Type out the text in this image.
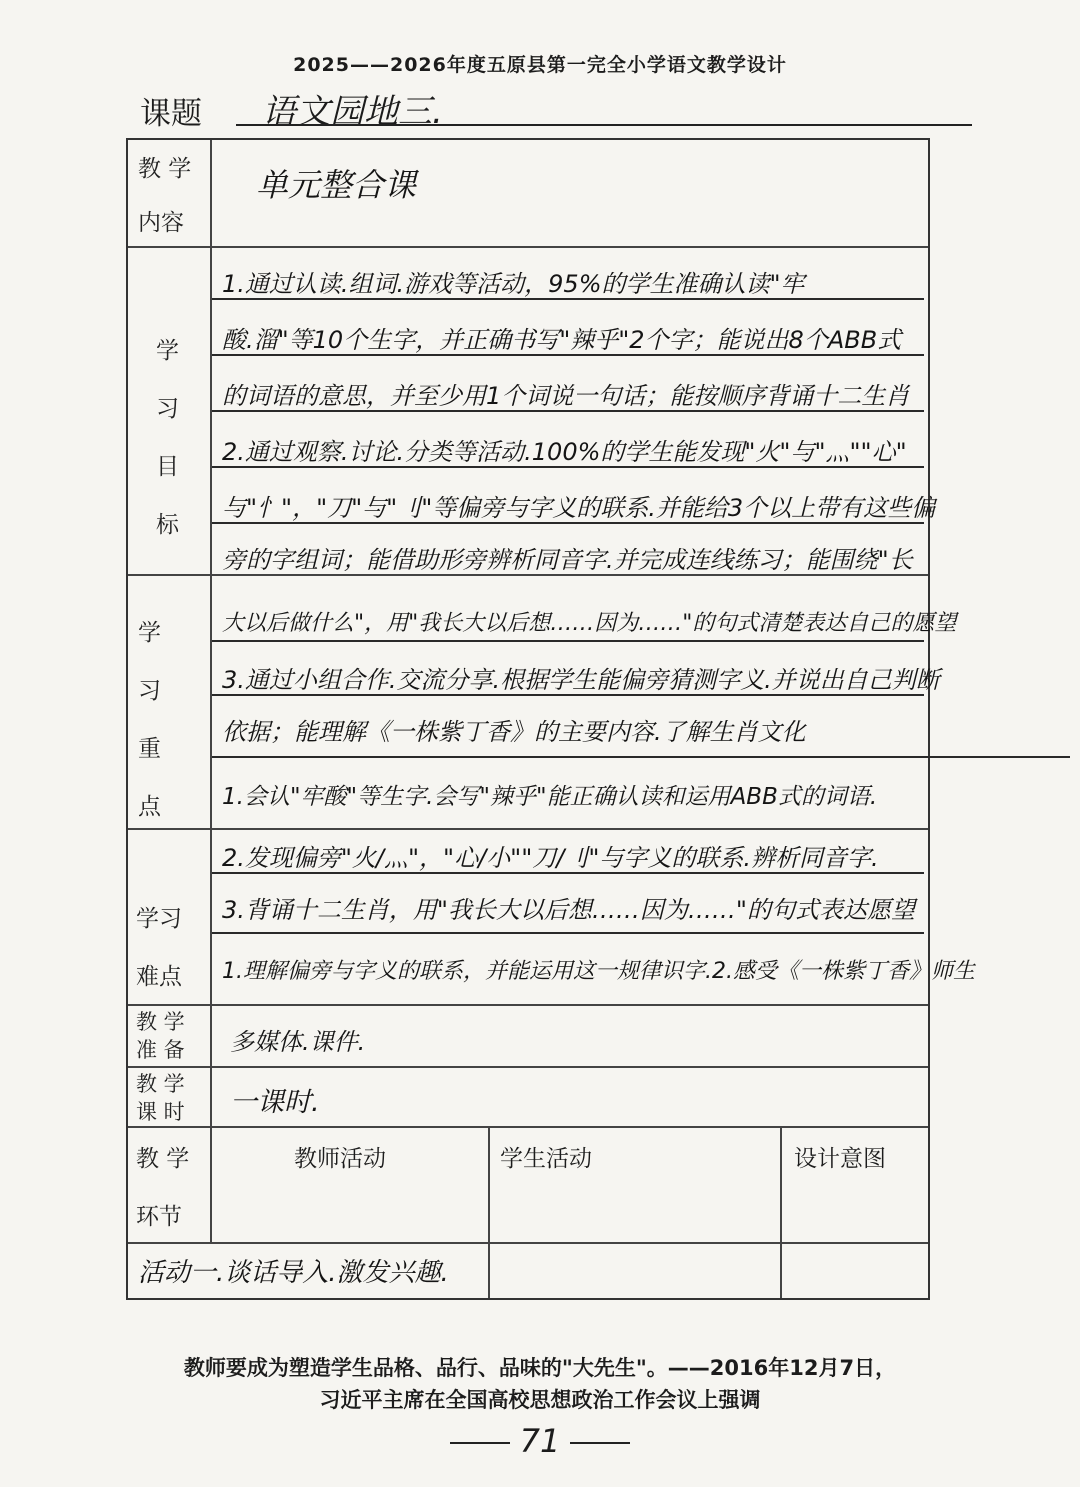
2025——2026年度五原县第一完全小学语文教学设计
课题 语文园地三.
教 学
内容
单元整合课
学
习
目
标
1.通过认读.组词.游戏等活动，95%的学生准确认读"牢
酸.溜"等10个生字，并正确书写"辣乎"2个字；能说出8个ABB式
的词语的意思，并至少用1个词说一句话；能按顺序背诵十二生肖
2.通过观察.讨论.分类等活动.100%的学生能发现"火"与"灬""心"
与"忄"，"刀"与"刂"等偏旁与字义的联系.并能给3个以上带有这些偏
旁的字组词；能借助形旁辨析同音字.并完成连线练习；能围绕"长
学
习
重
点
大以后做什么"，用"我长大以后想……因为……"的句式清楚表达自己的愿望
3.通过小组合作.交流分享.根据学生能偏旁猜测字义.并说出自己判断
依据；能理解《一株紫丁香》的主要内容.了解生肖文化
1.会认"牢酸"等生字.会写"辣乎"能正确认读和运用ABB式的词语.
学习
难点
2.发现偏旁"火/灬"，"心/小""刀/刂"与字义的联系.辨析同音字.
3.背诵十二生肖，用"我长大以后想……因为……"的句式表达愿望
1.理解偏旁与字义的联系，并能运用这一规律识字.2.感受《一株紫丁香》师生
教 学
准 备 多媒体.课件.
教 学
课 时 一课时.
教 学
环节
教师活动	学生活动	设计意图
活动一.谈话导入.激发兴趣.
教师要成为塑造学生品格、品行、品味的"大先生"。——2016年12月7日，
习近平主席在全国高校思想政治工作会议上强调
71
